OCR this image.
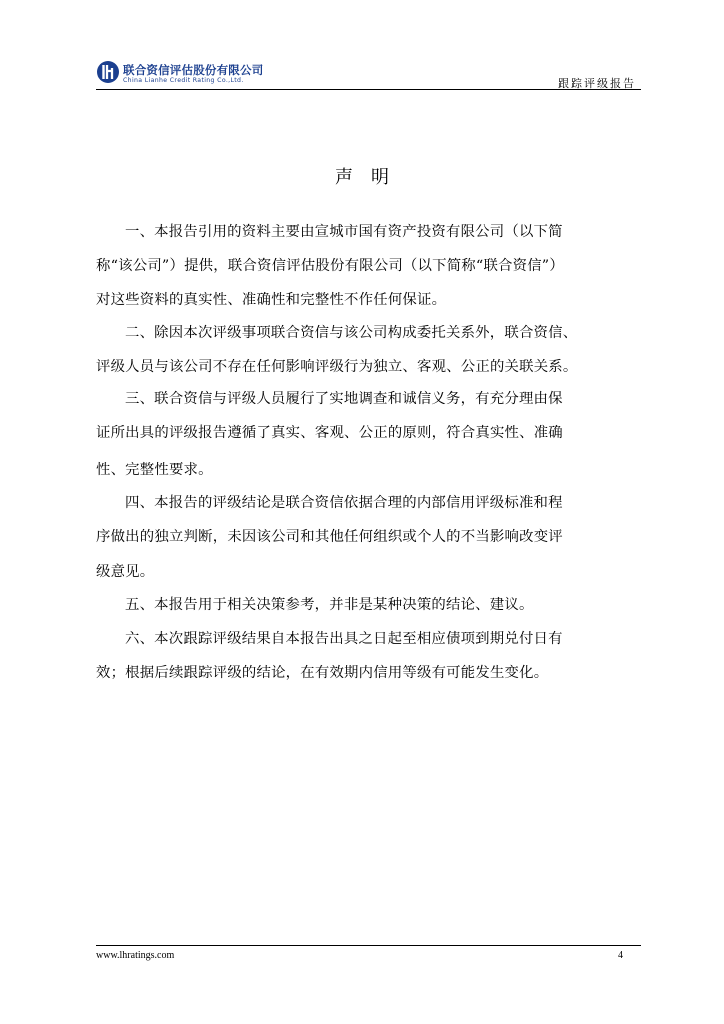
联合资信评估股份有限公司
China Lianhe Credit Rating Co.,Ltd.	跟踪评级报告
声明
一、本报告引用的资料主要由宣城市国有资产投资有限公司（以下简
称“该公司”）提供，联合资信评估股份有限公司（以下简称“联合资信”）
对这些资料的真实性、准确性和完整性不作任何保证。
二、除因本次评级事项联合资信与该公司构成委托关系外，联合资信、
评级人员与该公司不存在任何影响评级行为独立、客观、公正的关联关系。
三、联合资信与评级人员履行了实地调查和诚信义务，有充分理由保
证所出具的评级报告遵循了真实、客观、公正的原则，符合真实性、准确
性、完整性要求。
四、本报告的评级结论是联合资信依据合理的内部信用评级标准和程
序做出的独立判断，未因该公司和其他任何组织或个人的不当影响改变评
级意见。
五、本报告用于相关决策参考，并非是某种决策的结论、建议。
六、本次跟踪评级结果自本报告出具之日起至相应债项到期兑付日有
效；根据后续跟踪评级的结论，在有效期内信用等级有可能发生变化。
www.lhratings.com	4
